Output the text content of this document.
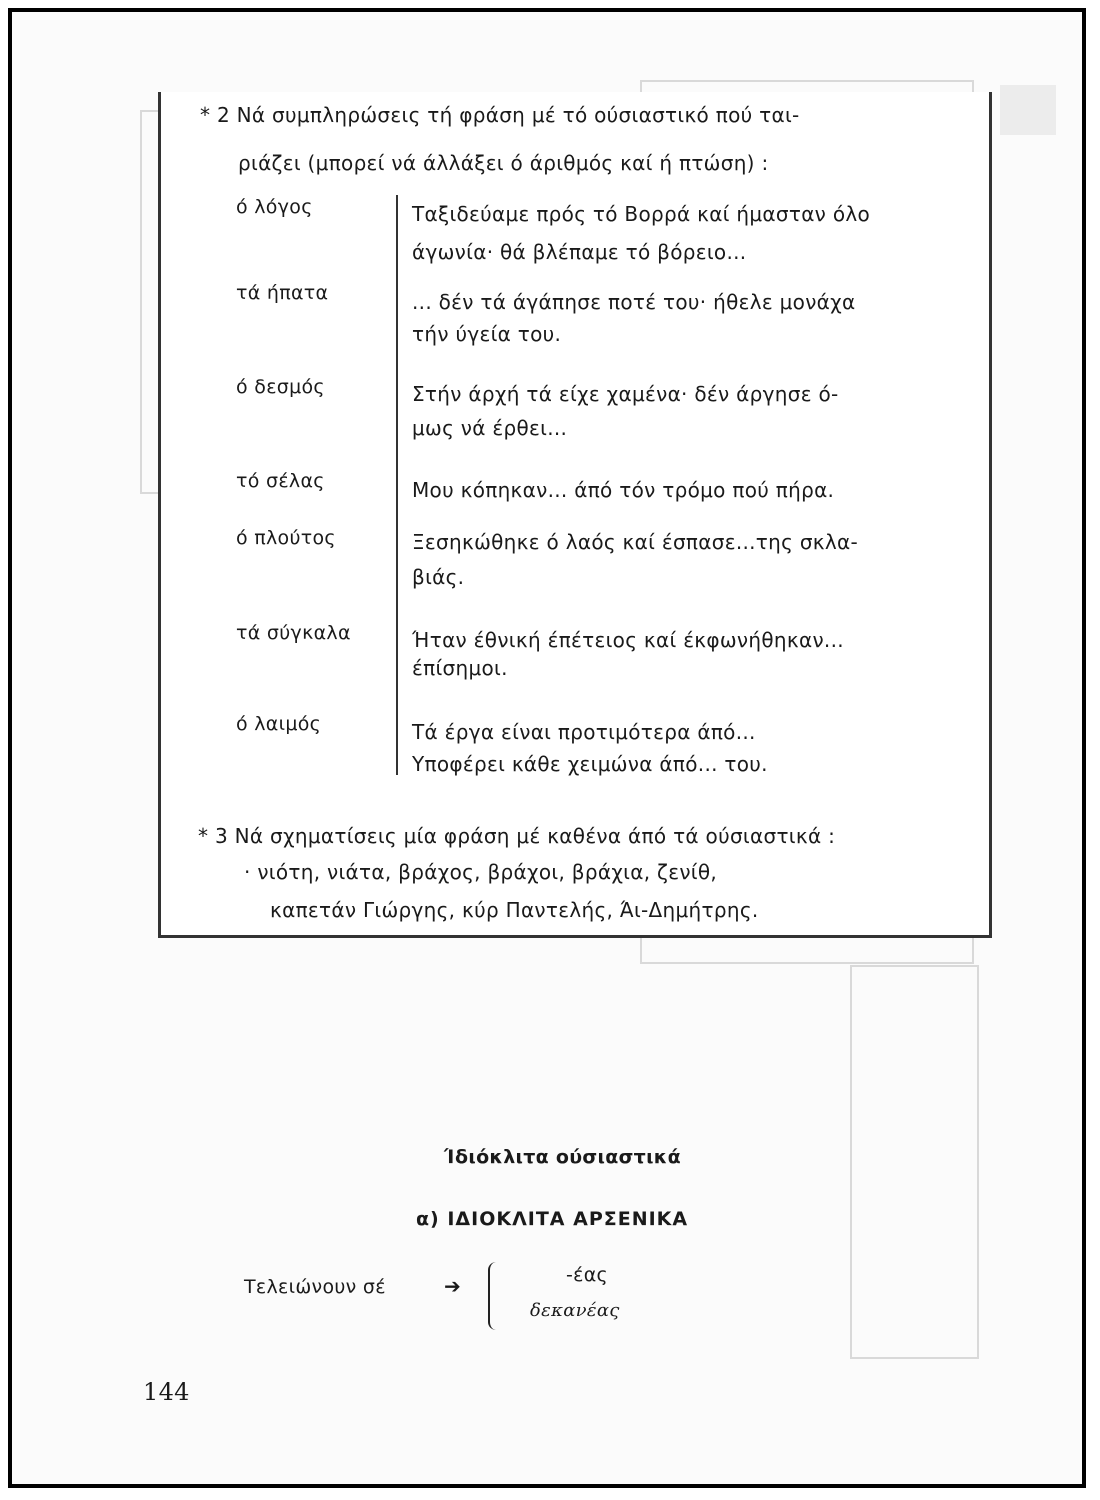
* 2 Νά συμπληρώσεις τή φράση μέ τό ούσιαστικό πού ται-
ριάζει (μπορεί νά άλλάξει ό άριθμός καί ή πτώση) :
ό λόγος	Ταξιδεύαμε πρός τό Βορρά καί ήμασταν όλο
άγωνία· θά βλέπαμε τό βόρειο...
τά ήπατα	... δέν τά άγάπησε ποτέ του· ήθελε μονάχα
τήν ύγεία του.
ό δεσμός	Στήν άρχή τά είχε χαμένα· δέν άργησε ό-
μως νά έρθει...
τό σέλας	Μου κόπηκαν... άπό τόν τρόμο πού πήρα.
ό πλούτος	Ξεσηκώθηκε ό λαός καί έσπασε...της σκλα-
βιάς.
τά σύγκαλα	Ήταν έθνική έπέτειος καί έκφωνήθηκαν...
έπίσημοι.
ό λαιμός	Τά έργα είναι προτιμότερα άπό...
Υποφέρει κάθε χειμώνα άπό... του.
* 3 Νά σχηματίσεις μία φράση μέ καθένα άπό τά ούσιαστικά :
· νιότη, νιάτα, βράχος, βράχοι, βράχια, ζενίθ,
καπετάν Γιώργης, κύρ Παντελής, Άι-Δημήτρης.
Ίδιόκλιτα ούσιαστικά
α) ΙΔΙΟΚΛΙΤΑ ΑΡΣΕΝΙΚΑ
Τελειώνουν σέ	➔	-έας
δεκανέας
144
